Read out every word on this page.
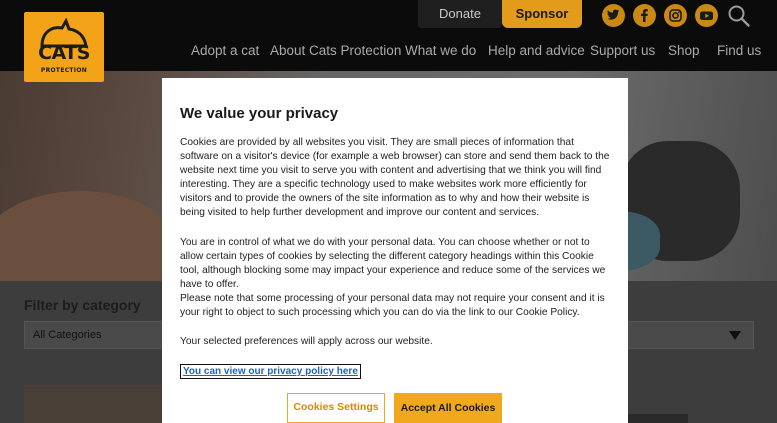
Donate	Sponsor
Adopt a cat About Cats Protection What we do Help and advice Support us Shop Find us
CATS
PROTECTION
Filter by category
All Categories
We value your privacy

Cookies are provided by all websites you visit. They are small pieces of information that software on a visitor's device (for example a web browser) can store and send them back to the website next time you visit to serve you with content and advertising that we think you will find interesting. They are a specific technology used to make websites work more efficiently for visitors and to provide the owners of the site information as to why and how their website is being visited to help further development and improve our content and services.

You are in control of what we do with your personal data. You can choose whether or not to allow certain types of cookies by selecting the different category headings within this Cookie tool, although blocking some may impact your experience and reduce some of the services we have to offer.

Please note that some processing of your personal data may not require your consent and it is your right to object to such processing which you can do via the link to our Cookie Policy.

Your selected preferences will apply across our website.

You can view our privacy policy here
Cookies Settings	Accept All Cookies
